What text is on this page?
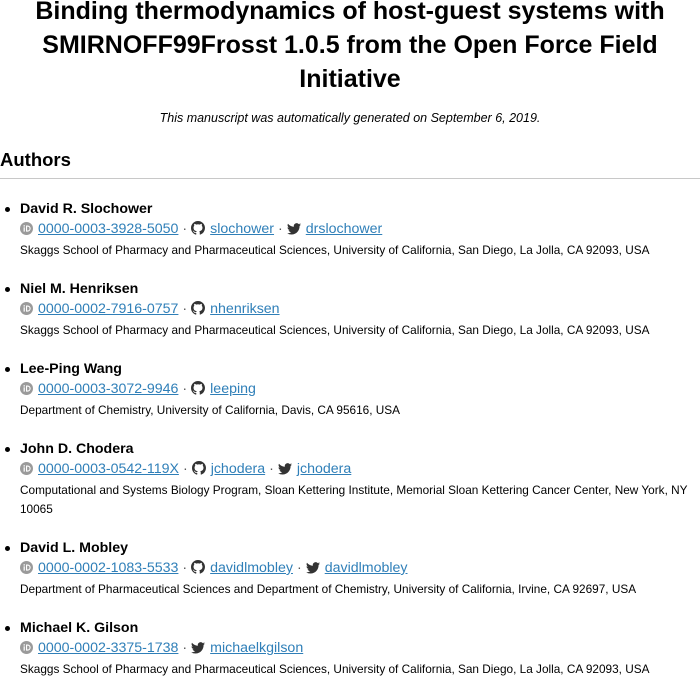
Binding thermodynamics of host-guest systems with SMIRNOFF99Frosst 1.0.5 from the Open Force Field Initiative
This manuscript was automatically generated on September 6, 2019.
Authors
David R. Slochower
0000-0003-3928-5050 · slochower · drslochower
Skaggs School of Pharmacy and Pharmaceutical Sciences, University of California, San Diego, La Jolla, CA 92093, USA
Niel M. Henriksen
0000-0002-7916-0757 · nhenriksen
Skaggs School of Pharmacy and Pharmaceutical Sciences, University of California, San Diego, La Jolla, CA 92093, USA
Lee-Ping Wang
0000-0003-3072-9946 · leeping
Department of Chemistry, University of California, Davis, CA 95616, USA
John D. Chodera
0000-0003-0542-119X · jchodera · jchodera
Computational and Systems Biology Program, Sloan Kettering Institute, Memorial Sloan Kettering Cancer Center, New York, NY 10065
David L. Mobley
0000-0002-1083-5533 · davidlmobley · davidlmobley
Department of Pharmaceutical Sciences and Department of Chemistry, University of California, Irvine, CA 92697, USA
Michael K. Gilson
0000-0002-3375-1738 · michaelkgilson
Skaggs School of Pharmacy and Pharmaceutical Sciences, University of California, San Diego, La Jolla, CA 92093, USA
